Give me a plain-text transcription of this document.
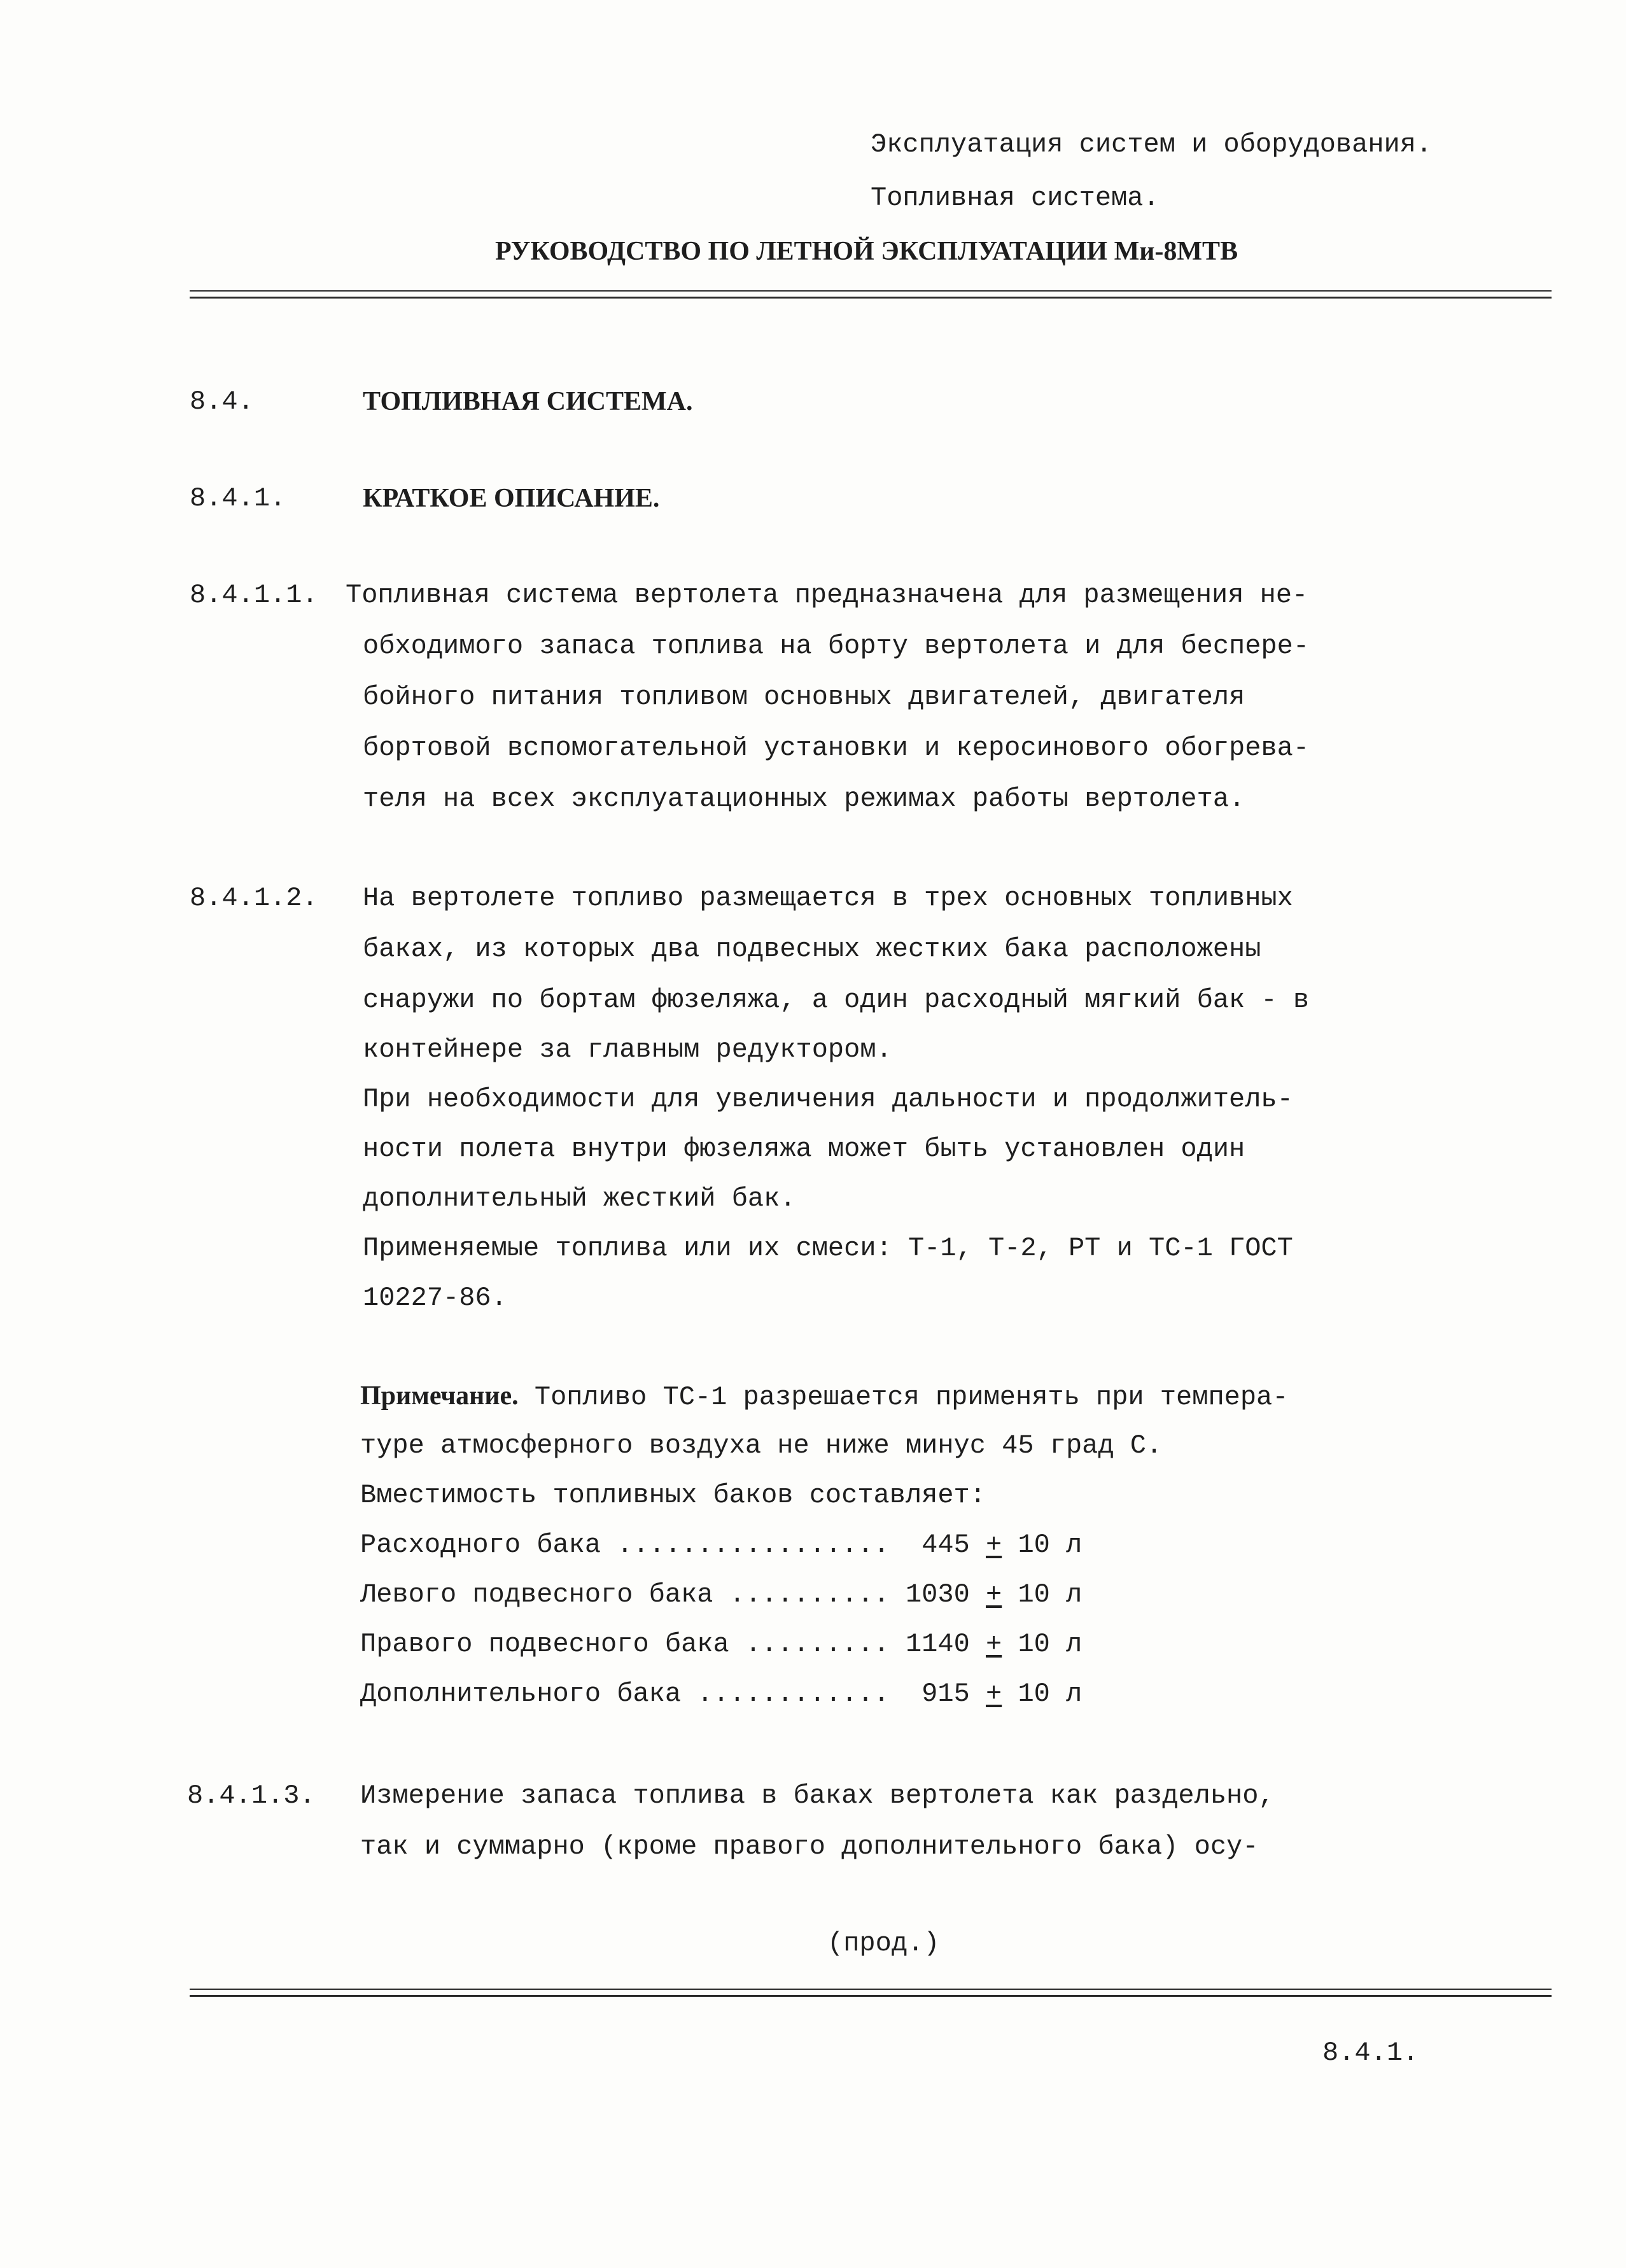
Эксплуатация систем и оборудования.
Топливная система.
РУКОВОДСТВО ПО ЛЕТНОЙ ЭКСПЛУАТАЦИИ Ми-8МТВ
8.4.	ТОПЛИВНАЯ СИСТЕМА.
8.4.1.	КРАТКОЕ ОПИСАНИЕ.
8.4.1.1. Топливная система вертолета предназначена для размещения не-
обходимого запаса топлива на борту вертолета и для беспере-
бойного питания топливом основных двигателей, двигателя
бортовой вспомогательной установки и керосинового обогрева-
теля на всех эксплуатационных режимах работы вертолета.
8.4.1.2. На вертолете топливо размещается в трех основных топливных
баках, из которых два подвесных жестких бака расположены
снаружи по бортам фюзеляжа, а один расходный мягкий бак - в
контейнере за главным редуктором.
При необходимости для увеличения дальности и продолжитель-
ности полета внутри фюзеляжа может быть установлен один
дополнительный жесткий бак.
Применяемые топлива или их смеси: Т-1, Т-2, РТ и ТС-1 ГОСТ
10227-86.
Примечание. Топливо ТС-1 разрешается применять при темпера-
туре атмосферного воздуха не ниже минус 45 град С.
Вместимость топливных баков составляет:
Расходного бака .................  445 + 10 л
Левого подвесного бака .......... 1030 + 10 л
Правого подвесного бака ......... 1140 + 10 л
Дополнительного бака ............  915 + 10 л
8.4.1.3. Измерение запаса топлива в баках вертолета как раздельно,
так и суммарно (кроме правого дополнительного бака) осу-
(прод.)
8.4.1.
